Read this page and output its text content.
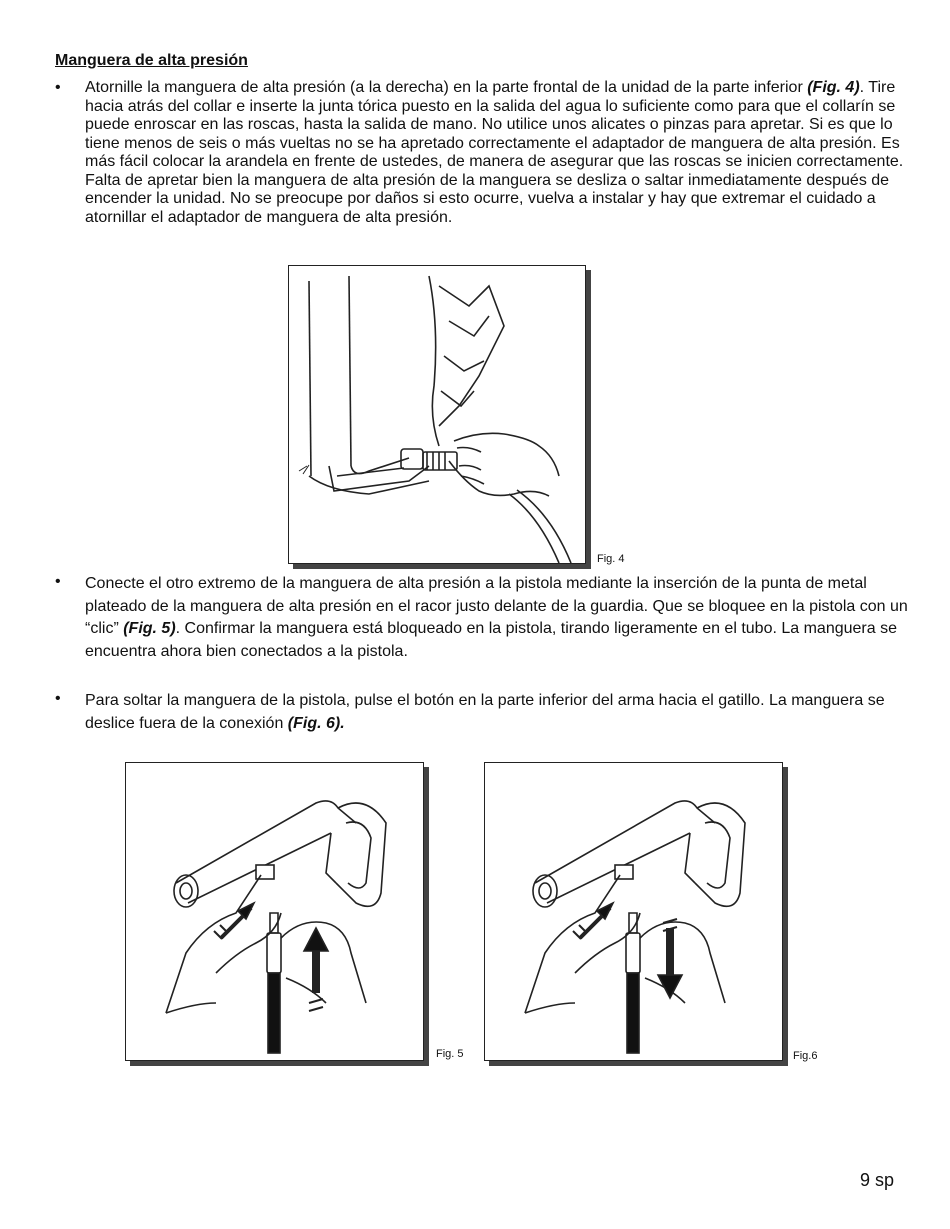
Manguera de alta presión
•	Atornille la manguera de alta presión (a la derecha) en la parte frontal de la unidad de la parte inferior (Fig. 4). Tire hacia atrás del collar e inserte la junta tórica puesto en la salida del agua lo suficiente como para que el collarín se puede enroscar en las roscas, hasta la salida de mano. No utilice unos alicates o pinzas para apretar. Si es que lo tiene menos de seis o más vueltas no se ha apretado correctamente el adaptador de manguera de alta presión. Es más fácil colocar la arandela en frente de ustedes, de manera de asegurar que las roscas se inicien correctamente. Falta de apretar bien la manguera de alta presión de la manguera se desliza o saltar inmediatamente después de encender la unidad. No se preocupe por daños si esto ocurre, vuelva a instalar y hay que extremar el cuidado a atornillar el adaptador de manguera de alta presión.

Fig. 4
•	Conecte el otro extremo de la manguera de alta presión a la pistola mediante la inserción de la punta de metal plateado de la manguera de alta presión en el racor justo delante de la guardia. Que se bloquee en la pistola con un “clic” (Fig. 5). Confirmar la manguera está bloqueado en la pistola, tirando ligeramente en el tubo. La manguera se encuentra ahora bien conectados a la pistola.

•	Para soltar la manguera de la pistola, pulse el botón en la parte inferior del arma hacia el gatillo. La manguera se deslice fuera de la conexión (Fig. 6).

Fig. 5	Fig.6
9 sp
